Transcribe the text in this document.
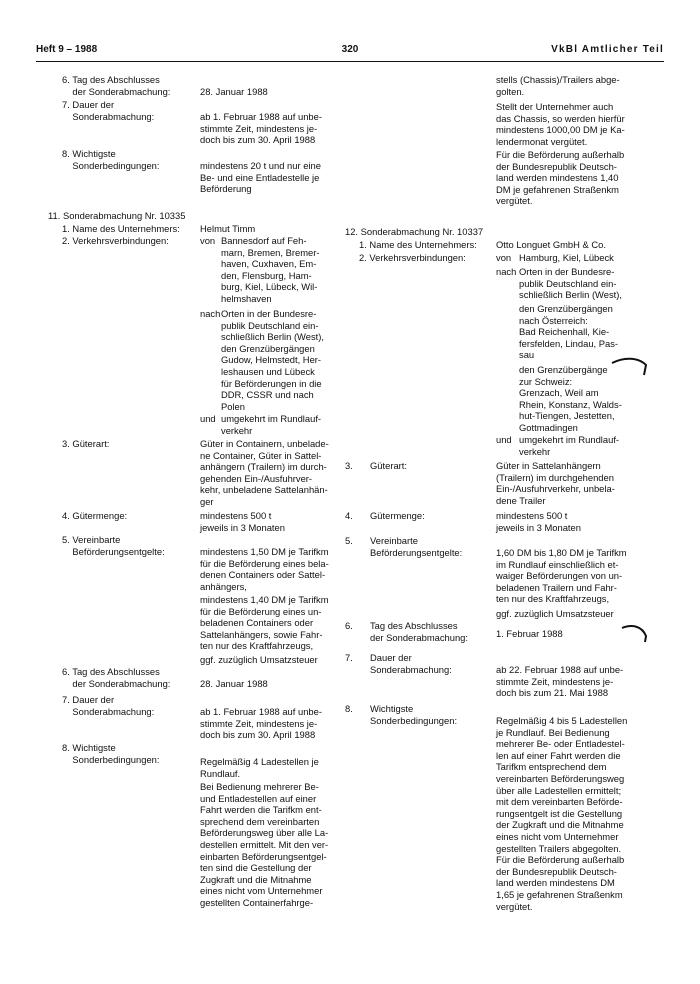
Heft 9 – 1988	320	VkBl Amtlicher Teil
6. Tag des Abschlusses
der Sonderabmachung:	28. Januar 1988
7. Dauer der
Sonderabmachung:	ab 1. Februar 1988 auf unbe-
stimmte Zeit, mindestens je-
doch bis zum 30. April 1988
8. Wichtigste
Sonderbedingungen:	mindestens 20 t und nur eine
Be- und eine Entladestelle je
Beförderung
11. Sonderabmachung Nr. 10335
1. Name des Unternehmers: Helmut Timm
2. Verkehrsverbindungen:	von Bannesdorf auf Feh-
marn, Bremen, Bremer-
haven, Cuxhaven, Em-
den, Flensburg, Ham-
burg, Kiel, Lübeck, Wil-
helmshaven
nach Orten in der Bundesre-
publik Deutschland ein-
schließlich Berlin (West),
den Grenzübergängen
Gudow, Helmstedt, Her-
leshausen und Lübeck
für Beförderungen in die
DDR, CSSR und nach
Polen
und umgekehrt im Rundlauf-
verkehr
3. Güterart:	Güter in Containern, unbelade-
ne Container, Güter in Sattel-
anhängern (Trailern) im durch-
gehenden Ein-/Ausfuhrver-
kehr, unbeladene Sattelanhän-
ger
4. Gütermenge:	mindestens 500 t
jeweils in 3 Monaten
5. Vereinbarte
Beförderungsentgelte:	mindestens 1,50 DM je Tarifkm
für die Beförderung eines bela-
denen Containers oder Sattel-
anhängers,
mindestens 1,40 DM je Tarifkm
für die Beförderung eines un-
beladenen Containers oder
Sattelanhängers, sowie Fahr-
ten nur des Kraftfahrzeugs,
ggf. zuzüglich Umsatzsteuer
6. Tag des Abschlusses
der Sonderabmachung:	28. Januar 1988
7. Dauer der
Sonderabmachung:	ab 1. Februar 1988 auf unbe-
stimmte Zeit, mindestens je-
doch bis zum 30. April 1988
8. Wichtigste
Sonderbedingungen:	Regelmäßig 4 Ladestellen je
Rundlauf.
Bei Bedienung mehrerer Be-
und Entladestellen auf einer
Fahrt werden die Tarifkm ent-
sprechend dem vereinbarten
Beförderungsweg über alle La-
destellen ermittelt. Mit den ver-
einbarten Beförderungsentgel-
ten sind die Gestellung der
Zugkraft und die Mitnahme
eines nicht vom Unternehmer
gestellten Containerfahrge-
stells (Chassis)/Trailers abge-
golten.
Stellt der Unternehmer auch
das Chassis, so werden hierfür
mindestens 1000,00 DM je Ka-
lendermonat vergütet.
Für die Beförderung außerhalb
der Bundesrepublik Deutsch-
land werden mindestens 1,40
DM je gefahrenen Straßenkm
vergütet.
12. Sonderabmachung Nr. 10337
1. Name des Unternehmers: Otto Longuet GmbH & Co.
2. Verkehrsverbindungen:	von Hamburg, Kiel, Lübeck
nach Orten in der Bundesre-
publik Deutschland ein-
schließlich Berlin (West),
den Grenzübergängen
nach Österreich:
Bad Reichenhall, Kie-
fersfelden, Lindau, Pas-
sau
den Grenzübergänge
zur Schweiz:
Grenzach, Weil am
Rhein, Konstanz, Walds-
hut-Tiengen, Jestetten,
Gottmadingen
und umgekehrt im Rundlauf-
verkehr
3. Güterart:	Güter in Sattelanhängern
(Trailern) im durchgehenden
Ein-/Ausfuhrverkehr, unbela-
dene Trailer
4. Gütermenge:	mindestens 500 t
jeweils in 3 Monaten
5. Vereinbarte
Beförderungsentgelte:	1,60 DM bis 1,80 DM je Tarifkm
im Rundlauf einschließlich et-
waiger Beförderungen von un-
beladenen Trailern und Fahr-
ten nur des Kraftfahrzeugs,
ggf. zuzüglich Umsatzsteuer
6. Tag des Abschlusses
der Sonderabmachung:	1. Februar 1988
7. Dauer der
Sonderabmachung:	ab 22. Februar 1988 auf unbe-
stimmte Zeit, mindestens je-
doch bis zum 21. Mai 1988
8. Wichtigste
Sonderbedingungen:	Regelmäßig 4 bis 5 Ladestellen
je Rundlauf. Bei Bedienung
mehrerer Be- oder Entladestel-
len auf einer Fahrt werden die
Tarifkm entsprechend dem
vereinbarten Beförderungsweg
über alle Ladestellen ermittelt;
mit dem vereinbarten Beförde-
rungsentgelt ist die Gestellung
der Zugkraft und die Mitnahme
eines nicht vom Unternehmer
gestellten Trailers abgegolten.
Für die Beförderung außerhalb
der Bundesrepublik Deutsch-
land werden mindestens DM
1,65 je gefahrenen Straßenkm
vergütet.
